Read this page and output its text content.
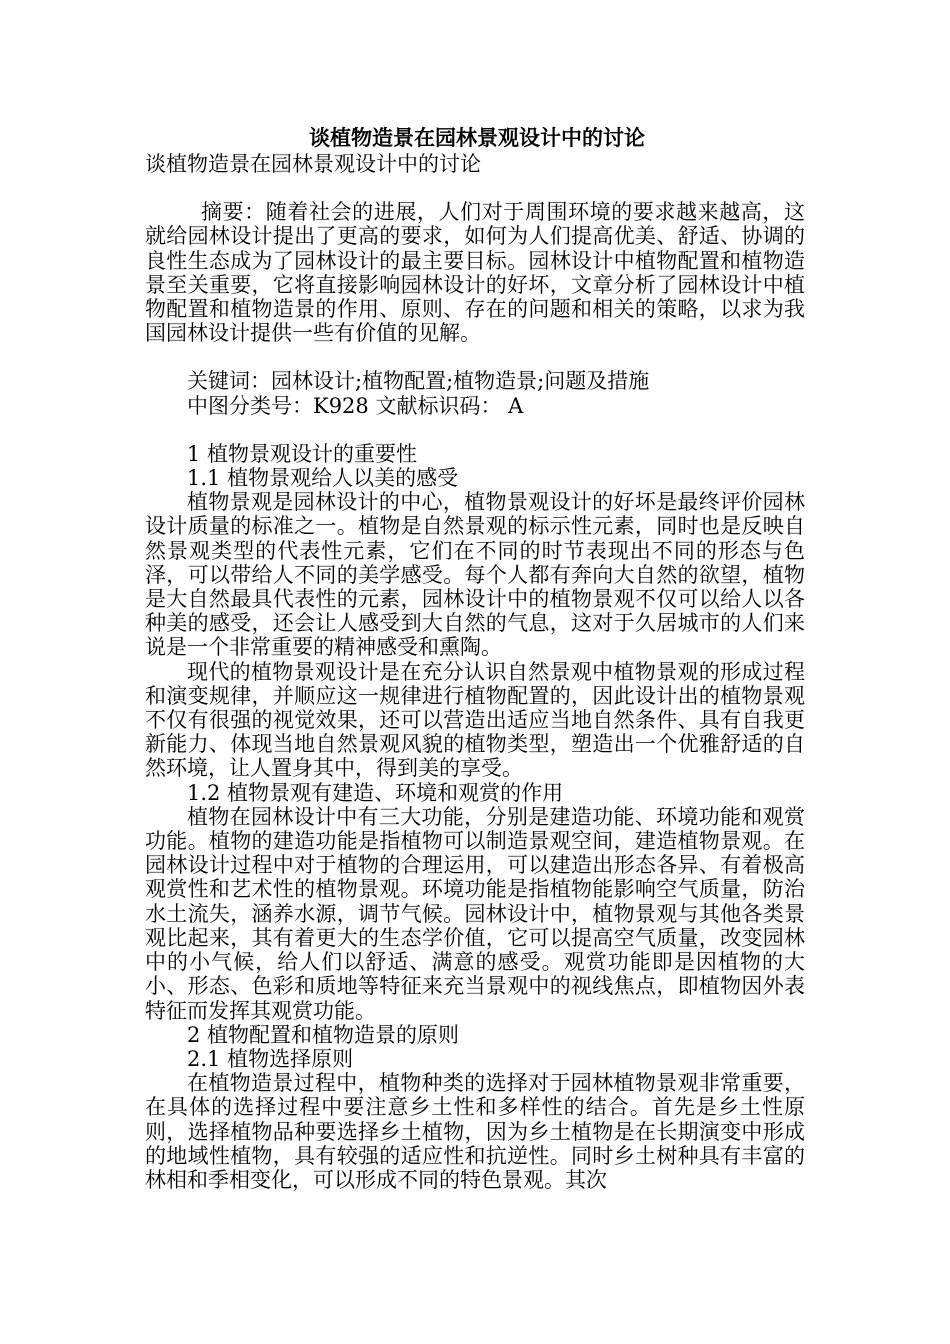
谈植物造景在园林景观设计中的讨论

谈植物造景在园林景观设计中的讨论

摘要：随着社会的进展，人们对于周围环境的要求越来越高，这就给园林设计提出了更高的要求，如何为人们提高优美、舒适、协调的良性生态成为了园林设计的最主要目标。园林设计中植物配置和植物造景至关重要，它将直接影响园林设计的好坏，文章分析了园林设计中植物配置和植物造景的作用、原则、存在的问题和相关的策略，以求为我国园林设计提供一些有价值的见解。

关键词：园林设计;植物配置;植物造景;问题及措施

中图分类号：K928 文献标识码： A

1 植物景观设计的重要性

1.1 植物景观给人以美的感受

植物景观是园林设计的中心，植物景观设计的好坏是最终评价园林设计质量的标准之一。植物是自然景观的标示性元素，同时也是反映自然景观类型的代表性元素，它们在不同的时节表现出不同的形态与色泽，可以带给人不同的美学感受。每个人都有奔向大自然的欲望，植物是大自然最具代表性的元素，园林设计中的植物景观不仅可以给人以各种美的感受，还会让人感受到大自然的气息，这对于久居城市的人们来说是一个非常重要的精神感受和熏陶。

现代的植物景观设计是在充分认识自然景观中植物景观的形成过程和演变规律，并顺应这一规律进行植物配置的，因此设计出的植物景观不仅有很强的视觉效果，还可以营造出适应当地自然条件、具有自我更新能力、体现当地自然景观风貌的植物类型，塑造出一个优雅舒适的自然环境，让人置身其中，得到美的享受。

1.2 植物景观有建造、环境和观赏的作用

植物在园林设计中有三大功能，分别是建造功能、环境功能和观赏功能。植物的建造功能是指植物可以制造景观空间，建造植物景观。在园林设计过程中对于植物的合理运用，可以建造出形态各异、有着极高观赏性和艺术性的植物景观。环境功能是指植物能影响空气质量，防治水土流失，涵养水源，调节气候。园林设计中，植物景观与其他各类景观比起来，其有着更大的生态学价值，它可以提高空气质量，改变园林中的小气候，给人们以舒适、满意的感受。观赏功能即是因植物的大小、形态、色彩和质地等特征来充当景观中的视线焦点，即植物因外表特征而发挥其观赏功能。

2 植物配置和植物造景的原则

2.1 植物选择原则

在植物造景过程中，植物种类的选择对于园林植物景观非常重要，在具体的选择过程中要注意乡土性和多样性的结合。首先是乡土性原则，选择植物品种要选择乡土植物，因为乡土植物是在长期演变中形成的地域性植物，具有较强的适应性和抗逆性。同时乡土树种具有丰富的林相和季相变化，可以形成不同的特色景观。其次
